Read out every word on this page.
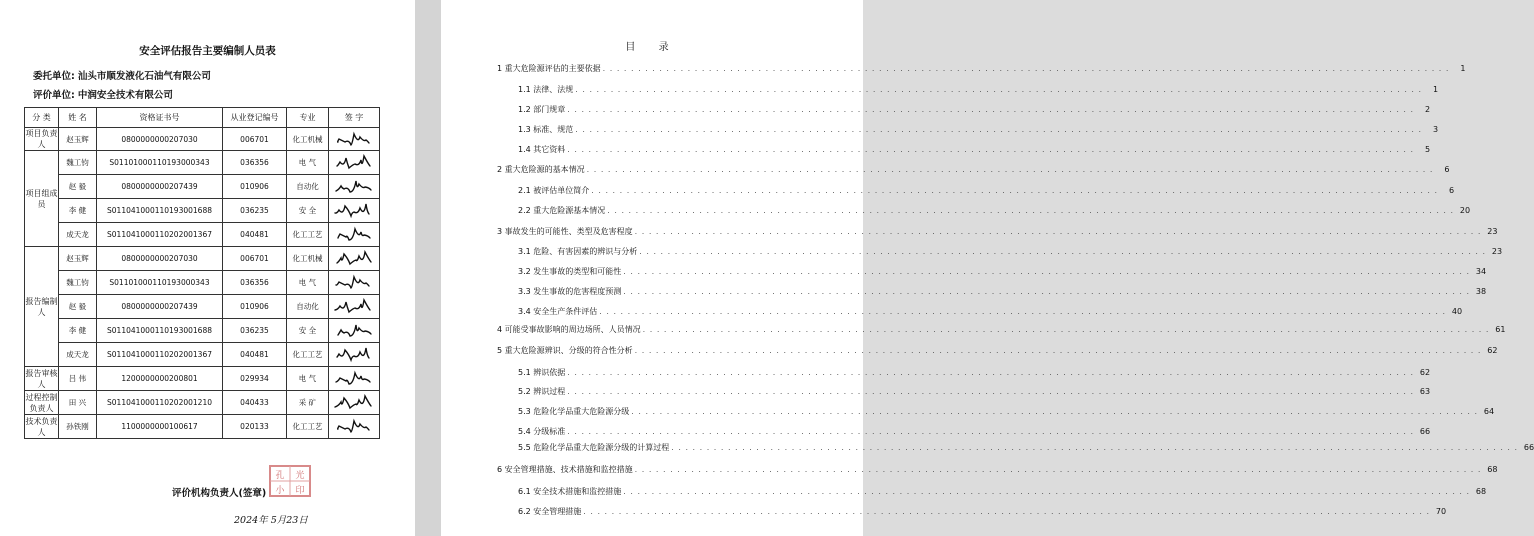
安全评估报告主要编制人员表
委托单位: 汕头市顺发液化石油气有限公司
评价单位: 中润安全技术有限公司
分 类	姓 名	资格证书号	从业登记编号	专业	签 字
项目负责人	赵玉辉	0800000000207030	006701	化工机械	

项目组成员	魏工钧	S011010001101930003​43	036356	电 气	

	赵 毅	0800000000207439	010906	自动化	

	李 健	S011041000110193001688	036235	安 全	

	成天龙	S011041000110202001367	040481	化工工艺	

报告编制人	赵玉辉	0800000000207030	006701	化工机械	

	魏工钧	S011010001101930003​43	036356	电 气	

	赵 毅	0800000000207439	010906	自动化	

	李 健	S011041000110193001688	036235	安 全	

	成天龙	S011041000110202001367	040481	化工工艺	

报告审核人	吕 伟	1200000000200801	029934	电 气	

过程控制负责人	田 兴	S011041000110202001210	040433	采 矿	

技术负责人	孙铁刚	1100000000100617	020133	化工工艺	
评价机构负责人(签章)
孔 光
小 印
2024年 5月23日
目 录
1 重大危险源评估的主要依据 . . . . . . . . . . . . . . . . . . . . . . . . . . . . . . . . . . . . . . . . . . . . . . . . . . . . . . . . . . . . . . . . . . . . . . . . . . . . . . . . . . . . . . . . . . . . . . . . . . . . . . . . . . . . . . . . . . . . . . . .	1
1.1 法律、法规 . . . . . . . . . . . . . . . . . . . . . . . . . . . . . . . . . . . . . . . . . . . . . . . . . . . . . . . . . . . . . . . . . . . . . . . . . . . . . . . . . . . . . . . . . . . . . . . . . . . . . . . . . . . . . . . . . . . . . . . .	1
1.2 部门规章 . . . . . . . . . . . . . . . . . . . . . . . . . . . . . . . . . . . . . . . . . . . . . . . . . . . . . . . . . . . . . . . . . . . . . . . . . . . . . . . . . . . . . . . . . . . . . . . . . . . . . . . . . . . . . . . . . . . . . . . .	2
1.3 标准、规范 . . . . . . . . . . . . . . . . . . . . . . . . . . . . . . . . . . . . . . . . . . . . . . . . . . . . . . . . . . . . . . . . . . . . . . . . . . . . . . . . . . . . . . . . . . . . . . . . . . . . . . . . . . . . . . . . . . . . . . . .	3
1.4 其它资料 . . . . . . . . . . . . . . . . . . . . . . . . . . . . . . . . . . . . . . . . . . . . . . . . . . . . . . . . . . . . . . . . . . . . . . . . . . . . . . . . . . . . . . . . . . . . . . . . . . . . . . . . . . . . . . . . . . . . . . . .	5
2 重大危险源的基本情况 . . . . . . . . . . . . . . . . . . . . . . . . . . . . . . . . . . . . . . . . . . . . . . . . . . . . . . . . . . . . . . . . . . . . . . . . . . . . . . . . . . . . . . . . . . . . . . . . . . . . . . . . . . . . . . . . . . . . . . . .	6
2.1 被评估单位简介 . . . . . . . . . . . . . . . . . . . . . . . . . . . . . . . . . . . . . . . . . . . . . . . . . . . . . . . . . . . . . . . . . . . . . . . . . . . . . . . . . . . . . . . . . . . . . . . . . . . . . . . . . . . . . . . . . . . . . . . .	6
2.2 重大危险源基本情况 . . . . . . . . . . . . . . . . . . . . . . . . . . . . . . . . . . . . . . . . . . . . . . . . . . . . . . . . . . . . . . . . . . . . . . . . . . . . . . . . . . . . . . . . . . . . . . . . . . . . . . . . . . . . . . . . . . . . . . . . 20
3 事故发生的可能性、类型及危害程度 . . . . . . . . . . . . . . . . . . . . . . . . . . . . . . . . . . . . . . . . . . . . . . . . . . . . . . . . . . . . . . . . . . . . . . . . . . . . . . . . . . . . . . . . . . . . . . . . . . . . . . . . . . . . . . . . . . . . . . . . 23
3.1 危险、有害因素的辨识与分析 . . . . . . . . . . . . . . . . . . . . . . . . . . . . . . . . . . . . . . . . . . . . . . . . . . . . . . . . . . . . . . . . . . . . . . . . . . . . . . . . . . . . . . . . . . . . . . . . . . . . . . . . . . . . . . . . . . . . . . . . 23
3.2 发生事故的类型和可能性 . . . . . . . . . . . . . . . . . . . . . . . . . . . . . . . . . . . . . . . . . . . . . . . . . . . . . . . . . . . . . . . . . . . . . . . . . . . . . . . . . . . . . . . . . . . . . . . . . . . . . . . . . . . . . . . . . . . . . . . . 34
3.3 发生事故的危害程度预测 . . . . . . . . . . . . . . . . . . . . . . . . . . . . . . . . . . . . . . . . . . . . . . . . . . . . . . . . . . . . . . . . . . . . . . . . . . . . . . . . . . . . . . . . . . . . . . . . . . . . . . . . . . . . . . . . . . . . . . . . 38
3.4 安全生产条件评估 . . . . . . . . . . . . . . . . . . . . . . . . . . . . . . . . . . . . . . . . . . . . . . . . . . . . . . . . . . . . . . . . . . . . . . . . . . . . . . . . . . . . . . . . . . . . . . . . . . . . . . . . . . . . . . . . . . . . . . . . 40
4 可能受事故影响的周边场所、人员情况 . . . . . . . . . . . . . . . . . . . . . . . . . . . . . . . . . . . . . . . . . . . . . . . . . . . . . . . . . . . . . . . . . . . . . . . . . . . . . . . . . . . . . . . . . . . . . . . . . . . . . . . . . . . . . . . . . . . . . . . . 61
5 重大危险源辨识、分级的符合性分析 . . . . . . . . . . . . . . . . . . . . . . . . . . . . . . . . . . . . . . . . . . . . . . . . . . . . . . . . . . . . . . . . . . . . . . . . . . . . . . . . . . . . . . . . . . . . . . . . . . . . . . . . . . . . . . . . . . . . . . . . 62
5.1 辨识依据 . . . . . . . . . . . . . . . . . . . . . . . . . . . . . . . . . . . . . . . . . . . . . . . . . . . . . . . . . . . . . . . . . . . . . . . . . . . . . . . . . . . . . . . . . . . . . . . . . . . . . . . . . . . . . . . . . . . . . . . . 62
5.2 辨识过程 . . . . . . . . . . . . . . . . . . . . . . . . . . . . . . . . . . . . . . . . . . . . . . . . . . . . . . . . . . . . . . . . . . . . . . . . . . . . . . . . . . . . . . . . . . . . . . . . . . . . . . . . . . . . . . . . . . . . . . . . 63
5.3 危险化学品重大危险源分级 . . . . . . . . . . . . . . . . . . . . . . . . . . . . . . . . . . . . . . . . . . . . . . . . . . . . . . . . . . . . . . . . . . . . . . . . . . . . . . . . . . . . . . . . . . . . . . . . . . . . . . . . . . . . . . . . . . . . . . . . 64
5.4 分级标准 . . . . . . . . . . . . . . . . . . . . . . . . . . . . . . . . . . . . . . . . . . . . . . . . . . . . . . . . . . . . . . . . . . . . . . . . . . . . . . . . . . . . . . . . . . . . . . . . . . . . . . . . . . . . . . . . . . . . . . . . 66
5.5 危险化学品重大危险源分级的计算过程 . . . . . . . . . . . . . . . . . . . . . . . . . . . . . . . . . . . . . . . . . . . . . . . . . . . . . . . . . . . . . . . . . . . . . . . . . . . . . . . . . . . . . . . . . . . . . . . . . . . . . . . . . . . . . . . . . . . . . . . . 66
6 安全管理措施、技术措施和监控措施 . . . . . . . . . . . . . . . . . . . . . . . . . . . . . . . . . . . . . . . . . . . . . . . . . . . . . . . . . . . . . . . . . . . . . . . . . . . . . . . . . . . . . . . . . . . . . . . . . . . . . . . . . . . . . . . . . . . . . . . . 68
6.1 安全技术措施和监控措施 . . . . . . . . . . . . . . . . . . . . . . . . . . . . . . . . . . . . . . . . . . . . . . . . . . . . . . . . . . . . . . . . . . . . . . . . . . . . . . . . . . . . . . . . . . . . . . . . . . . . . . . . . . . . . . . . . . . . . . . . 68
6.2 安全管理措施 . . . . . . . . . . . . . . . . . . . . . . . . . . . . . . . . . . . . . . . . . . . . . . . . . . . . . . . . . . . . . . . . . . . . . . . . . . . . . . . . . . . . . . . . . . . . . . . . . . . . . . . . . . . . . . . . . . . . . . . . 70
